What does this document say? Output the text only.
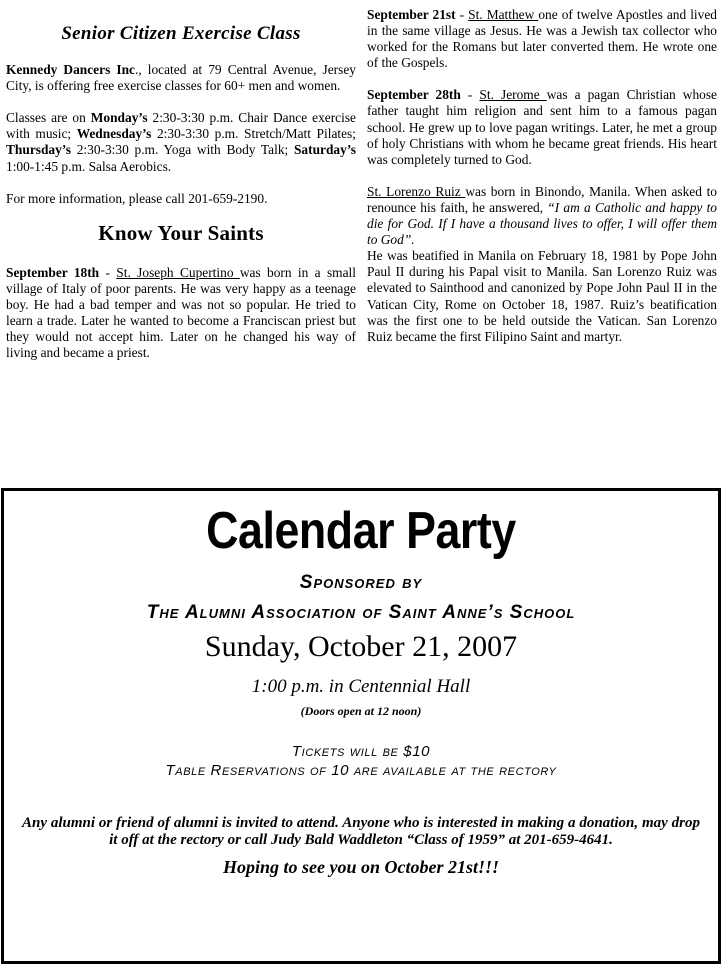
Senior Citizen Exercise Class

Kennedy Dancers Inc., located at 79 Central Avenue, Jersey City, is offering free exercise classes for 60+ men and women.

Classes are on Monday’s 2:30-3:30 p.m. Chair Dance exercise with music; Wednesday’s 2:30-3:30 p.m. Stretch/Matt Pilates; Thursday’s 2:30-3:30 p.m. Yoga with Body Talk; Saturday’s 1:00-1:45 p.m. Salsa Aerobics.

For more information, please call 201-659-2190.

Know Your Saints

September 18th - St. Joseph Cupertino was born in a small village of Italy of poor parents. He was very happy as a teenage boy. He had a bad temper and was not so popular. He tried to learn a trade. Later he wanted to become a Franciscan priest but they would not accept him. Later on he changed his way of living and became a priest.

September 21st - St. Matthew one of twelve Apostles and lived in the same village as Jesus. He was a Jewish tax collector who worked for the Romans but later converted them. He wrote one of the Gospels.

September 28th - St. Jerome was a pagan Christian whose father taught him religion and sent him to a famous pagan school. He grew up to love pagan writings. Later, he met a group of holy Christians with whom he became great friends. His heart was completely turned to God.

St. Lorenzo Ruiz was born in Binondo, Manila. When asked to renounce his faith, he answered, “I am a Catholic and happy to die for God. If I have a thousand lives to offer, I will offer them to God”.

He was beatified in Manila on February 18, 1981 by Pope John Paul II during his Papal visit to Manila. San Lorenzo Ruiz was elevated to Sainthood and canonized by Pope John Paul II in the Vatican City, Rome on October 18, 1987. Ruiz’s beatification was the first one to be held outside the Vatican. San Lorenzo Ruiz became the first Filipino Saint and martyr.

Calendar Party
Sponsored by
The Alumni Association of Saint Anne’s School
Sunday, October 21, 2007
1:00 p.m. in Centennial Hall
(Doors open at 12 noon)
Tickets will be $10
Table Reservations of 10 are available at the rectory
Any alumni or friend of alumni is invited to attend. Anyone who is interested in making a donation, may drop it off at the rectory or call Judy Bald Waddleton “Class of 1959” at 201-659-4641.
Hoping to see you on October 21st!!!
